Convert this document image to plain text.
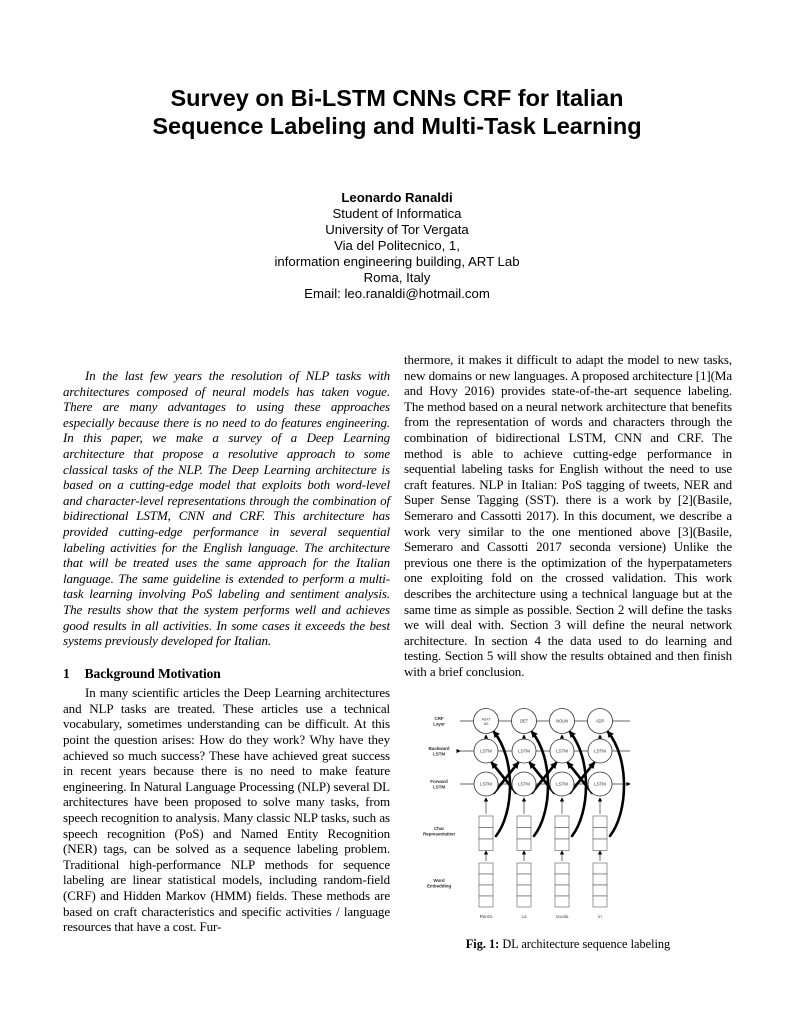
Survey on Bi-LSTM CNNs CRF for Italian
Sequence Labeling and Multi-Task Learning
Leonardo Ranaldi
Student of Informatica
University of Tor Vergata
Via del Politecnico, 1,
information engineering building, ART Lab
Roma, Italy
Email: leo.ranaldi@hotmail.com

In the last few years the resolution of NLP tasks with architectures composed of neural models has taken vogue. There are many advantages to using these approaches especially because there is no need to do features engineering. In this paper, we make a survey of a Deep Learning architecture that propose a resolutive approach to some classical tasks of the NLP. The Deep Learning architecture is based on a cutting-edge model that exploits both word-level and character-level representations through the combination of bidirectional LSTM, CNN and CRF. This architecture has provided cutting-edge performance in several sequential labeling activities for the English language. The architecture that will be treated uses the same approach for the Italian language. The same guideline is extended to perform a multi-task learning involving PoS labeling and sentiment analysis. The results show that the system performs well and achieves good results in all activities. In some cases it exceeds the best systems previously developed for Italian.

1 Background Motivation

In many scientific articles the Deep Learning architectures and NLP tasks are treated. These articles use a technical vocabulary, sometimes understanding can be difficult. At this point the question arises: How do they work? Why have they achieved so much success? These have achieved great success in recent years because there is no need to make feature engineering. In Natural Language Processing (NLP) several DL architectures have been proposed to solve many tasks, from speech recognition to analysis. Many classic NLP tasks, such as speech recognition (PoS) and Named Entity Recognition (NER) tags, can be solved as a sequence labeling problem. Traditional high-performance NLP methods for sequence labeling are linear statistical models, including random-field (CRF) and Hidden Markov (HMM) fields. These methods are based on craft characteristics and specific activities / language resources that have a cost. Fur-

thermore, it makes it difficult to adapt the model to new tasks, new domains or new languages. A proposed architecture [1](Ma and Hovy 2016) provides state-of-the-art sequence labeling. The method based on a neural network architecture that benefits from the representation of words and characters through the combination of bidirectional LSTM, CNN and CRF. The method is able to achieve cutting-edge performance in sequential labeling tasks for English without the need to use craft features. NLP in Italian: PoS tagging of tweets, NER and Super Sense Tagging (SST). there is a work by [2](Basile, Semeraro and Cassotti 2017). In this document, we describe a work very similar to the one mentioned above [3](Basile, Semeraro and Cassotti 2017 seconda versione) Unlike the previous one there is the optimization of the hyperpatameters one exploiting fold on the crossed validation. This work describes the architecture using a technical language but at the same time as simple as possible. Section 2 will define the tasks we will deal with. Section 3 will define the neural network architecture. In section 4 the data used to do learning and testing. Section 5 will show the results obtained and then finish with a brief conclusion.

CRF
Layer
Backward
LSTM
Forward
LSTM
Char
Representation
Word
Embedding
AUXT
AG
DET	NOUN	ADP
LSTM	LSTM	LSTM	LSTM
LSTM	LSTM	LSTM	LSTM
Renzo	La	scuola	in
Fig. 1: DL architecture sequence labeling
